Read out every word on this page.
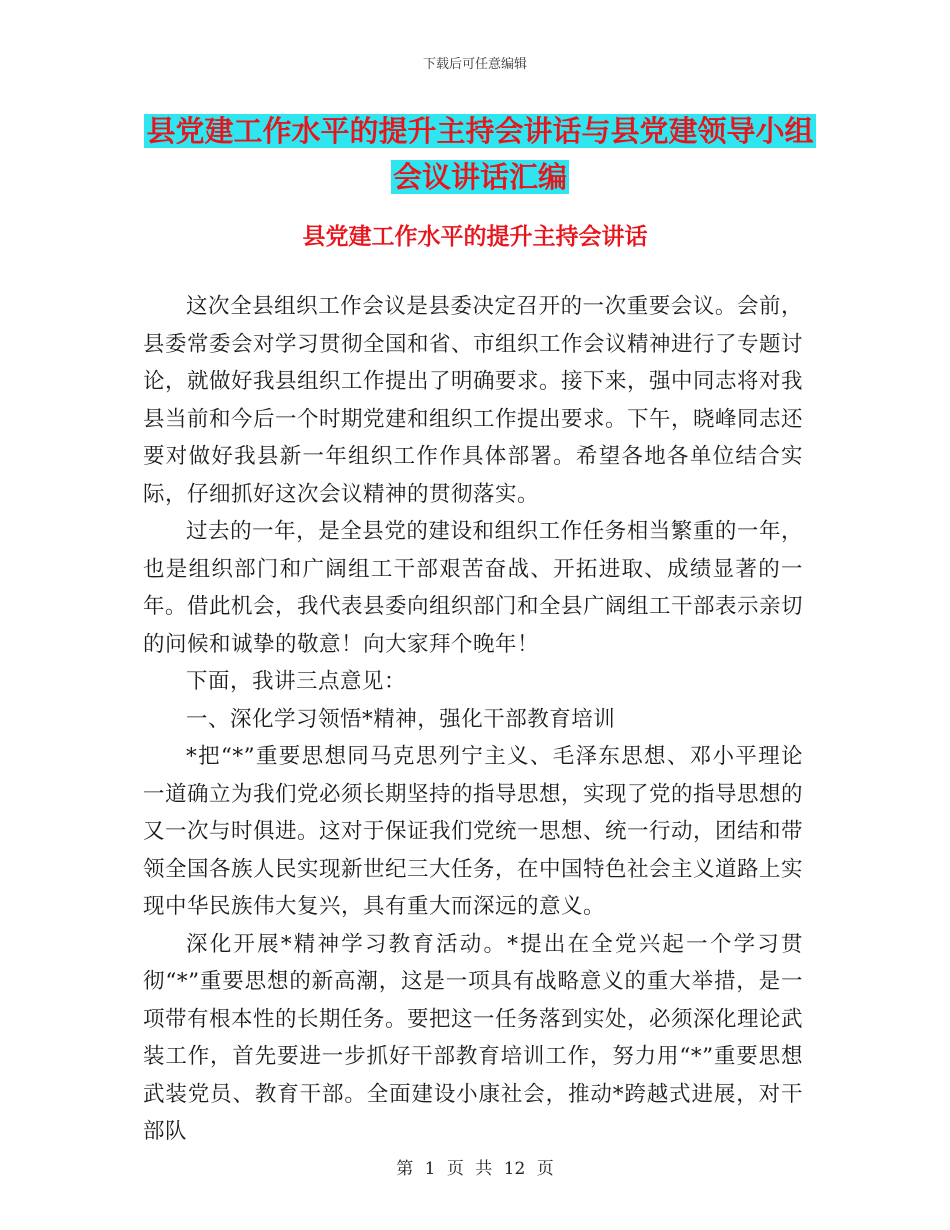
下载后可任意编辑
县党建工作水平的提升主持会讲话与县党建领导小组
会议讲话汇编
县党建工作水平的提升主持会讲话

这次全县组织工作会议是县委决定召开的一次重要会议。会前，县委常委会对学习贯彻全国和省、市组织工作会议精神进行了专题讨论，就做好我县组织工作提出了明确要求。接下来，强中同志将对我县当前和今后一个时期党建和组织工作提出要求。下午，晓峰同志还要对做好我县新一年组织工作作具体部署。希望各地各单位结合实际，仔细抓好这次会议精神的贯彻落实。

过去的一年，是全县党的建设和组织工作任务相当繁重的一年，也是组织部门和广阔组工干部艰苦奋战、开拓进取、成绩显著的一年。借此机会，我代表县委向组织部门和全县广阔组工干部表示亲切的问候和诚挚的敬意！向大家拜个晚年！

下面，我讲三点意见：

一、深化学习领悟*精神，强化干部教育培训

*把“*”重要思想同马克思列宁主义、毛泽东思想、邓小平理论一道确立为我们党必须长期坚持的指导思想，实现了党的指导思想的又一次与时俱进。这对于保证我们党统一思想、统一行动，团结和带领全国各族人民实现新世纪三大任务，在中国特色社会主义道路上实现中华民族伟大复兴，具有重大而深远的意义。

深化开展*精神学习教育活动。*提出在全党兴起一个学习贯彻“*”重要思想的新高潮，这是一项具有战略意义的重大举措，是一项带有根本性的长期任务。要把这一任务落到实处，必须深化理论武装工作，首先要进一步抓好干部教育培训工作，努力用“*”重要思想武装党员、教育干部。全面建设小康社会，推动*跨越式进展，对干部队

第 1 页 共 12 页
